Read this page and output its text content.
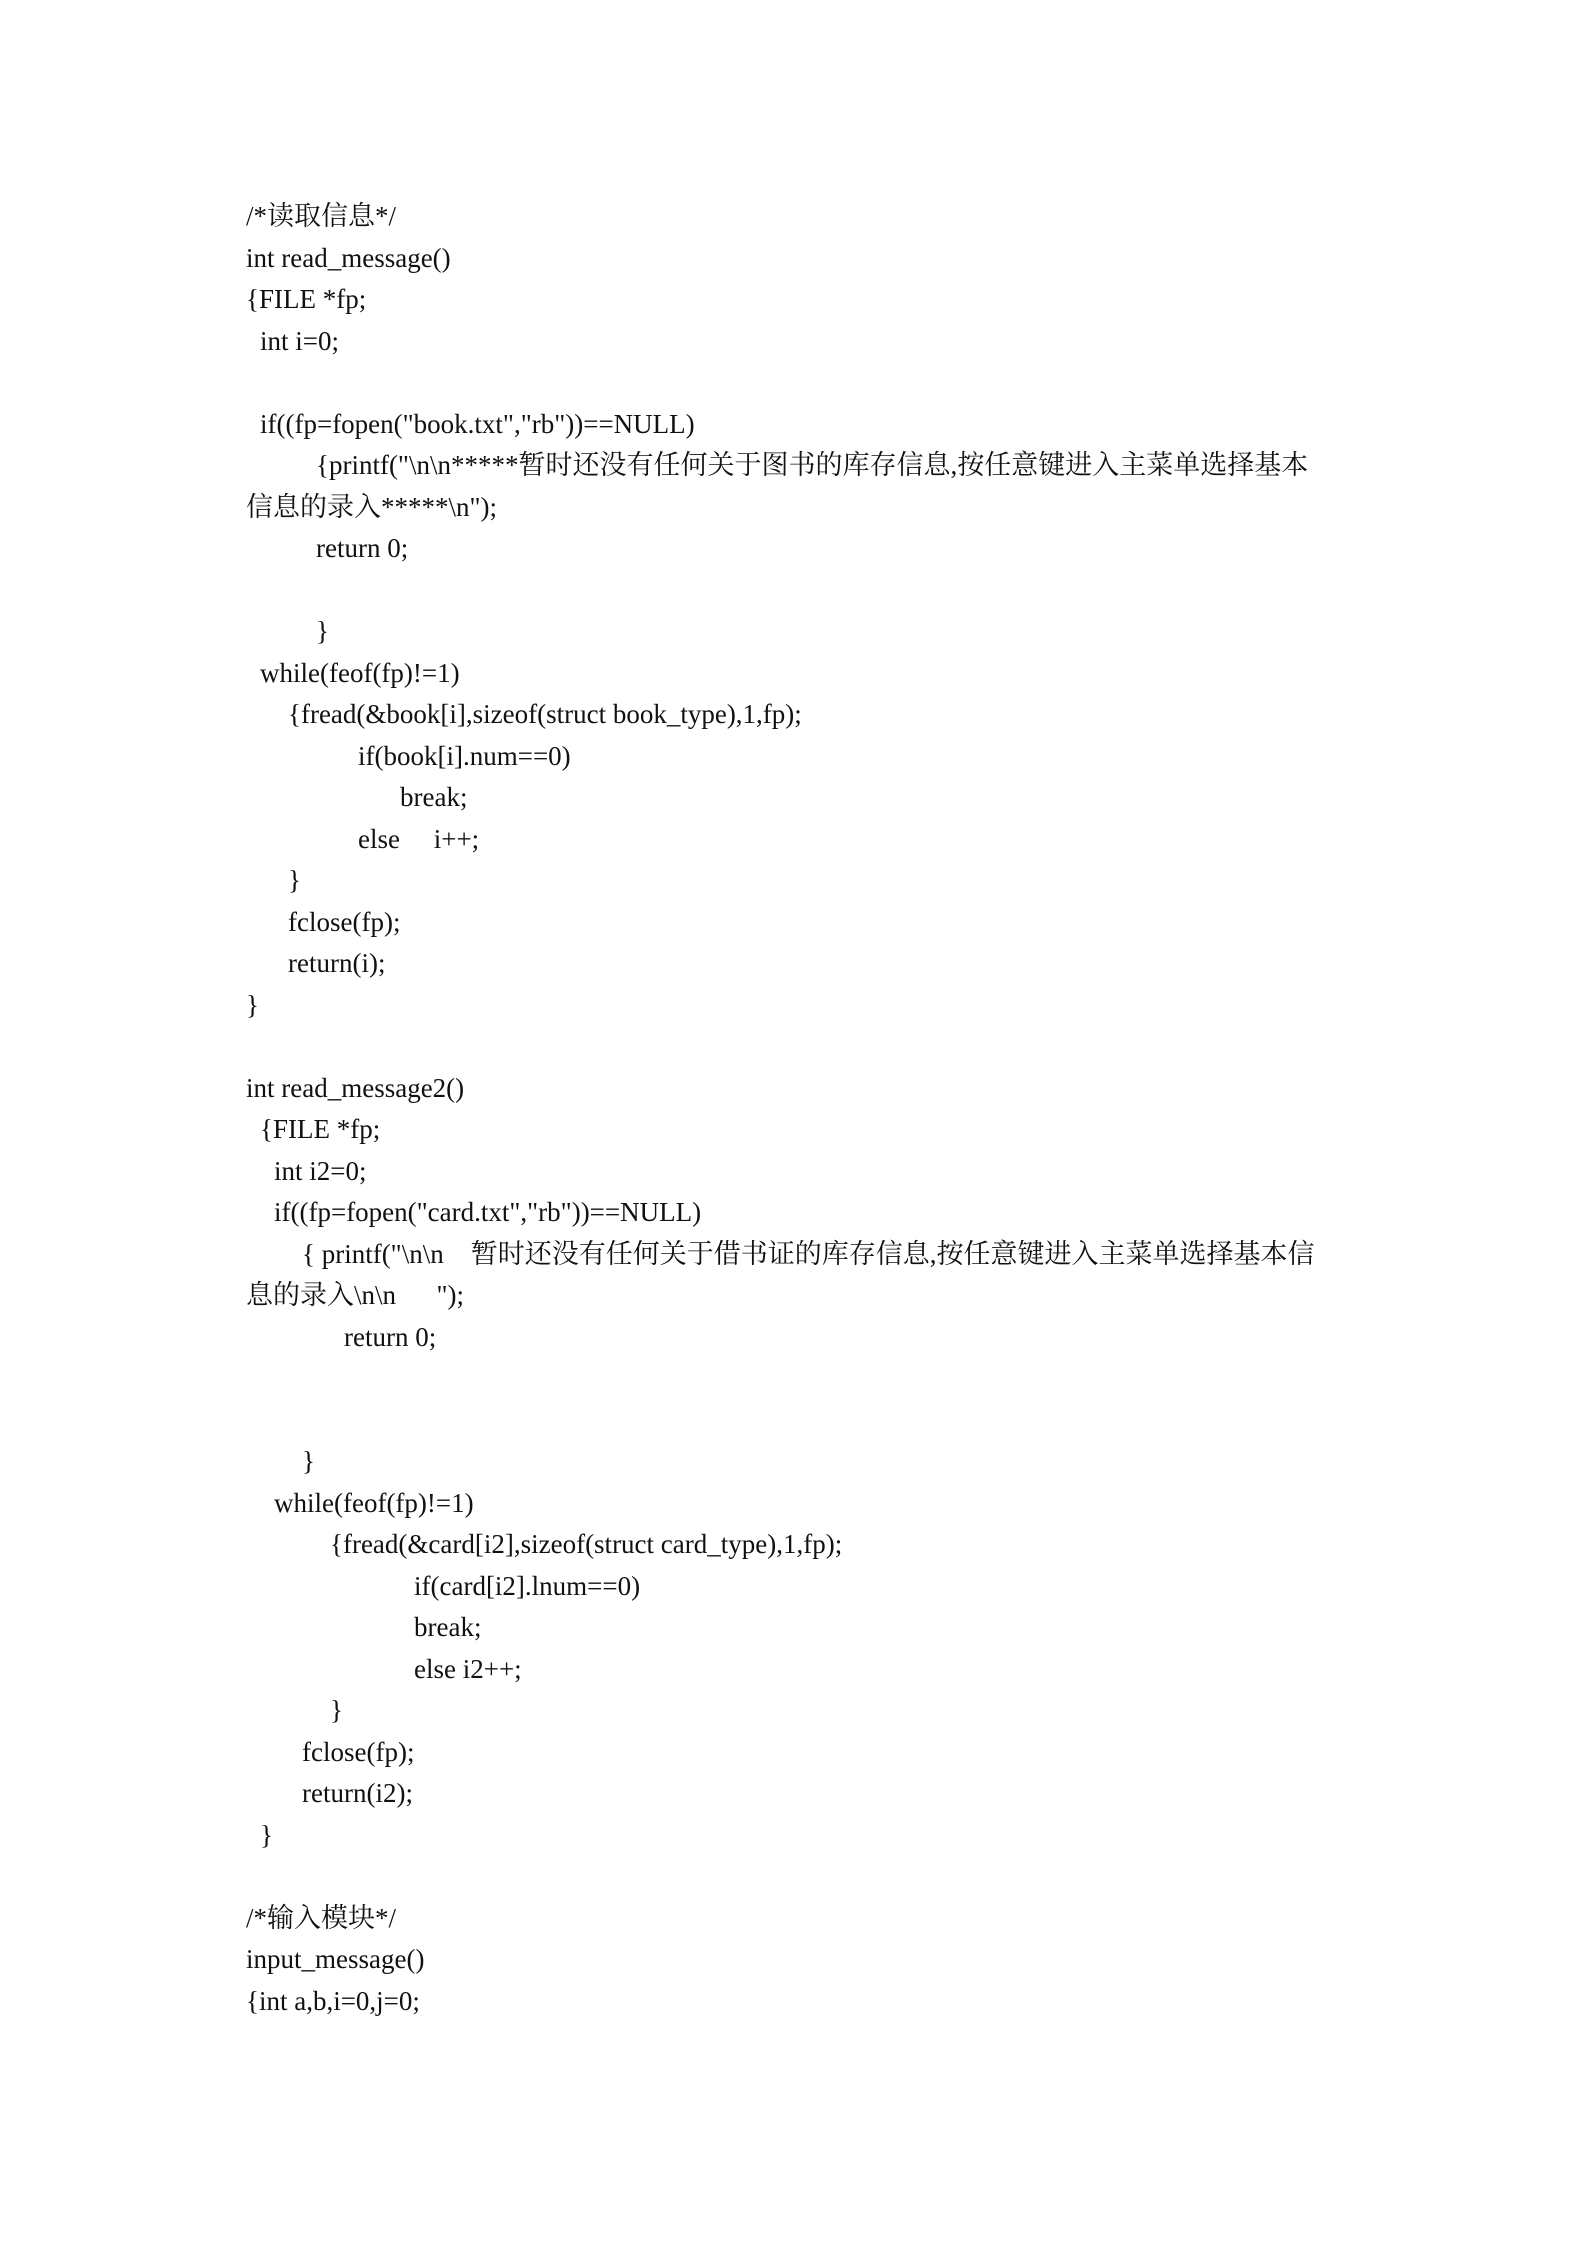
/*读取信息*/
int read_message()
{FILE *fp;
int i=0;
if((fp=fopen("book.txt","rb"))==NULL)
{printf("\n\n*****暂时还没有任何关于图书的库存信息,按任意键进入主菜单选择基本
信息的录入*****\n");
return 0;
}
while(feof(fp)!=1)
{fread(&book[i],sizeof(struct book_type),1,fp);
if(book[i].num==0)
break;
else     i++;
}
fclose(fp);
return(i);
}
int read_message2()
{FILE *fp;
int i2=0;
if((fp=fopen("card.txt","rb"))==NULL)
{ printf("\n\n    暂时还没有任何关于借书证的库存信息,按任意键进入主菜单选择基本信
息的录入\n\n      ");
return 0;
}
while(feof(fp)!=1)
{fread(&card[i2],sizeof(struct card_type),1,fp);
if(card[i2].lnum==0)
break;
else i2++;
}
fclose(fp);
return(i2);
}
/*输入模块*/
input_message()
{int a,b,i=0,j=0;
